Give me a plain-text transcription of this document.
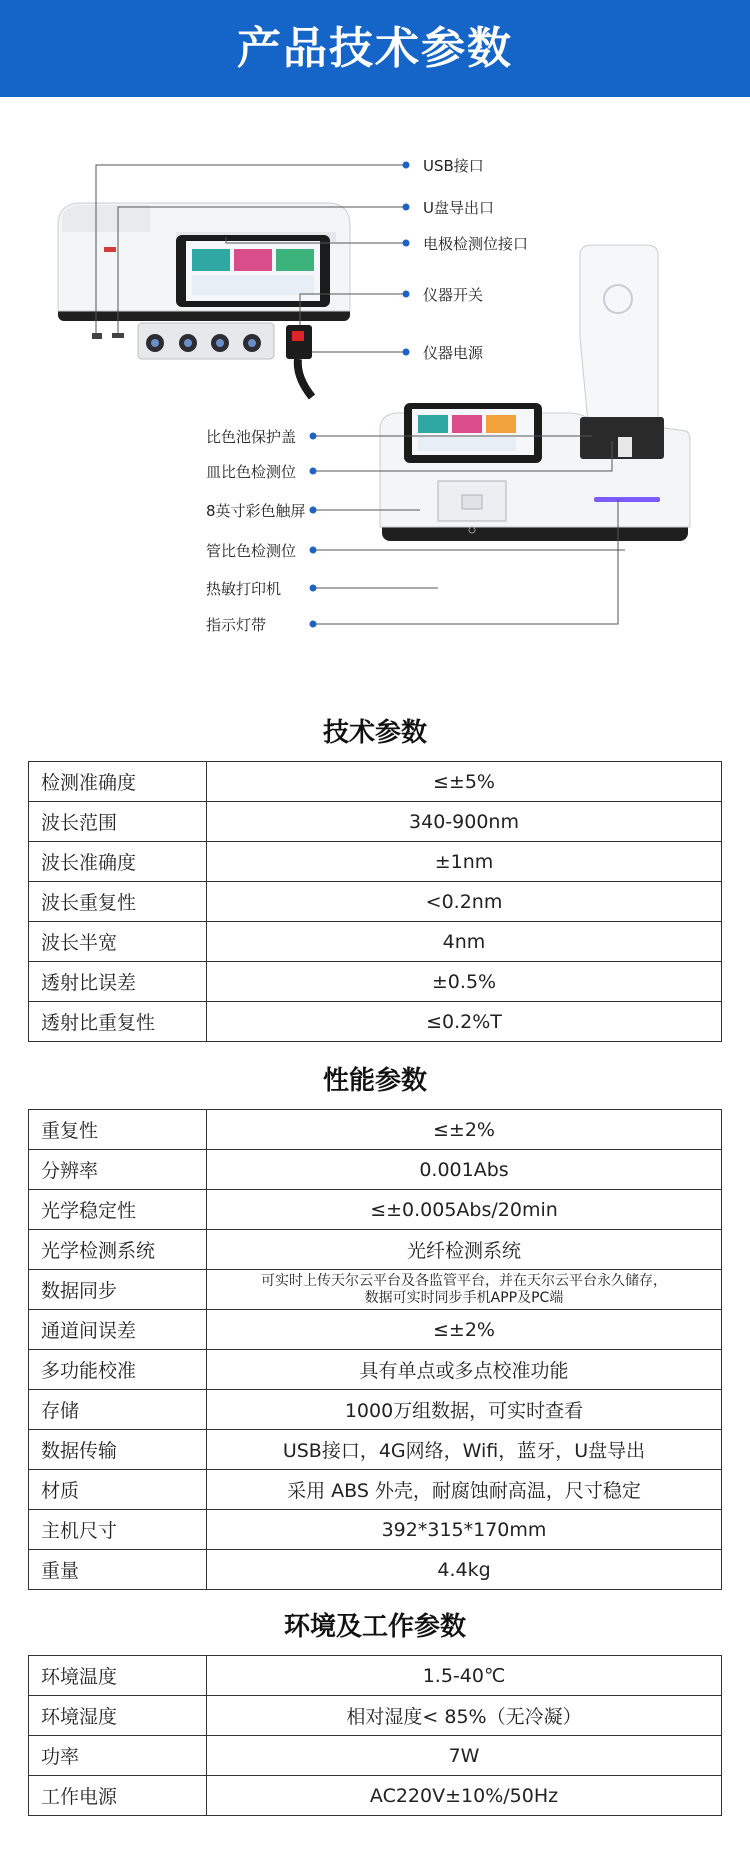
产品技术参数
USB接口
U盘导出口
电极检测位接口
仪器开关
仪器电源
比色池保护盖
皿比色检测位
8英寸彩色触屏
管比色检测位
热敏打印机
指示灯带
技术参数
检测准确度	≤±5%
波长范围	340-900nm
波长准确度	±1nm
波长重复性	<0.2nm
波长半宽	4nm
透射比误差	±0.5%
透射比重复性	≤0.2%T
性能参数
重复性	≤±2%
分辨率	0.001Abs
光学稳定性	≤±0.005Abs/20min
光学检测系统	光纤检测系统
数据同步	可实时上传天尔云平台及各监管平台，并在天尔云平台永久储存，
数据可实时同步手机APP及PC端

通道间误差	≤±2%
多功能校准	具有单点或多点校准功能
存储	1000万组数据，可实时查看
数据传输	USB接口，4G网络，Wifi，蓝牙，U盘导出
材质	采用 ABS 外壳，耐腐蚀耐高温，尺寸稳定
主机尺寸	392*315*170mm
重量	4.4kg
环境及工作参数
环境温度	1.5-40℃
环境湿度	相对湿度< 85%（无冷凝）
功率	7W
工作电源	AC220V±10%/50Hz
